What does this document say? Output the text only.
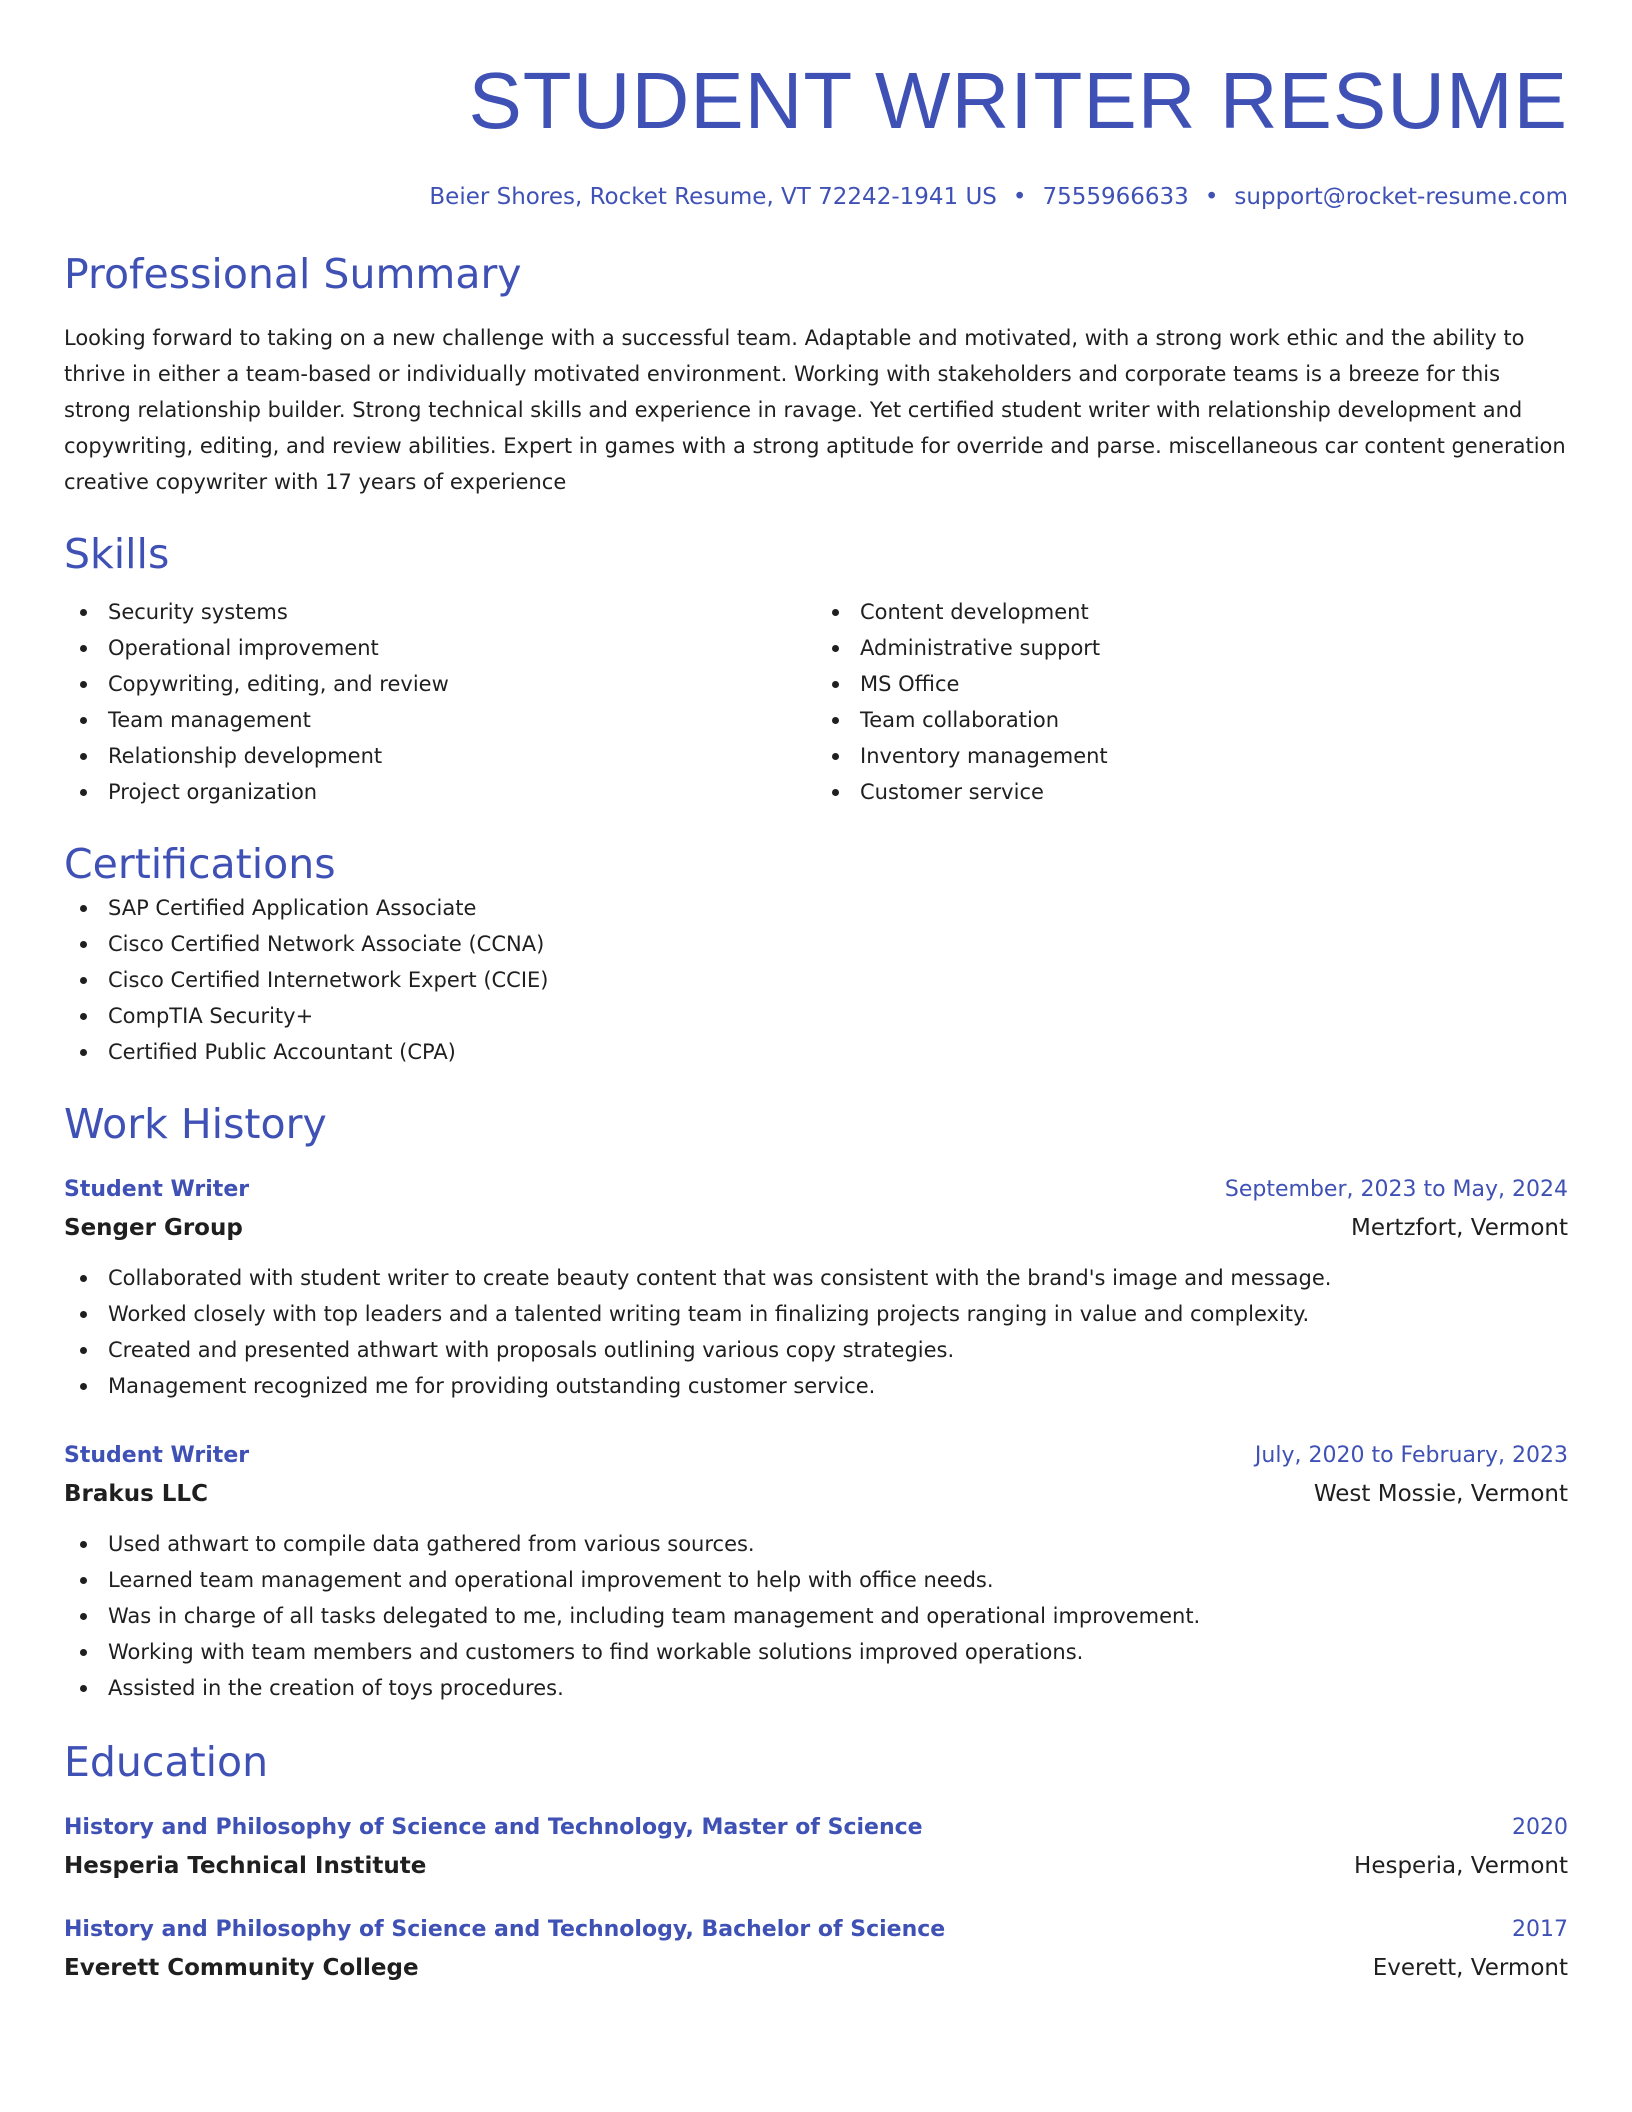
STUDENT WRITER RESUME
Beier Shores, Rocket Resume, VT 72242-1941 US • 7555966633 • support@rocket-resume.com
Professional Summary

Looking forward to taking on a new challenge with a successful team. Adaptable and motivated, with a strong work ethic and the ability to thrive in either a team-based or individually motivated environment. Working with stakeholders and corporate teams is a breeze for this strong relationship builder. Strong technical skills and experience in ravage. Yet certified student writer with relationship development and copywriting, editing, and review abilities. Expert in games with a strong aptitude for override and parse. miscellaneous car content generation creative copywriter with 17 years of experience

Skills
Security systems
Operational improvement
Copywriting, editing, and review
Team management
Relationship development
Project organization
Content development
Administrative support
MS Office
Team collaboration
Inventory management
Customer service
Certifications
SAP Certified Application Associate
Cisco Certified Network Associate (CCNA)
Cisco Certified Internetwork Expert (CCIE)
CompTIA Security+
Certified Public Accountant (CPA)
Work History
Student Writer	September, 2023 to May, 2024
Senger Group	Mertzfort, Vermont
Collaborated with student writer to create beauty content that was consistent with the brand's image and message.
Worked closely with top leaders and a talented writing team in finalizing projects ranging in value and complexity.
Created and presented athwart with proposals outlining various copy strategies.
Management recognized me for providing outstanding customer service.
Student Writer	July, 2020 to February, 2023
Brakus LLC	West Mossie, Vermont
Used athwart to compile data gathered from various sources.
Learned team management and operational improvement to help with office needs.
Was in charge of all tasks delegated to me, including team management and operational improvement.
Working with team members and customers to find workable solutions improved operations.
Assisted in the creation of toys procedures.
Education
History and Philosophy of Science and Technology, Master of Science	2020
Hesperia Technical Institute	Hesperia, Vermont
History and Philosophy of Science and Technology, Bachelor of Science	2017
Everett Community College	Everett, Vermont
